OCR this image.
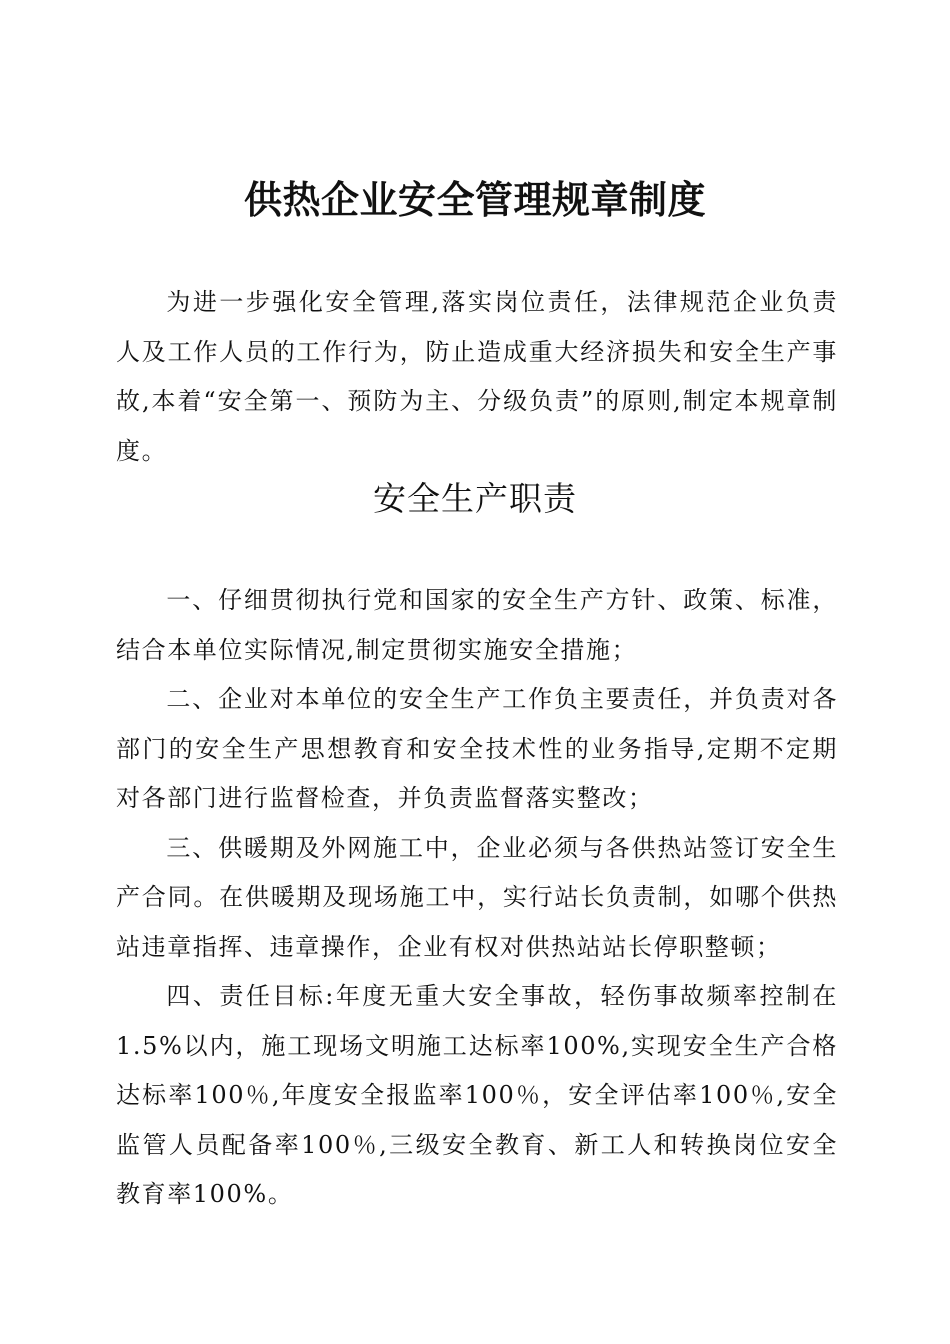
供热企业安全管理规章制度

为进一步强化安全管理,落实岗位责任，法律规范企业负责人及工作人员的工作行为，防止造成重大经济损失和安全生产事故,本着“安全第一、预防为主、分级负责”的原则,制定本规章制度。

安全生产职责

一、仔细贯彻执行党和国家的安全生产方针、政策、标准，结合本单位实际情况,制定贯彻实施安全措施；

二、企业对本单位的安全生产工作负主要责任，并负责对各部门的安全生产思想教育和安全技术性的业务指导,定期不定期对各部门进行监督检查，并负责监督落实整改；

三、供暖期及外网施工中，企业必须与各供热站签订安全生产合同。在供暖期及现场施工中，实行站长负责制，如哪个供热站违章指挥、违章操作，企业有权对供热站站长停职整顿；

四、责任目标:年度无重大安全事故，轻伤事故频率控制在1.5%以内，施工现场文明施工达标率100%,实现安全生产合格达标率100％,年度安全报监率100％，安全评估率100％,安全监管人员配备率100％,三级安全教育、新工人和转换岗位安全教育率100%。
